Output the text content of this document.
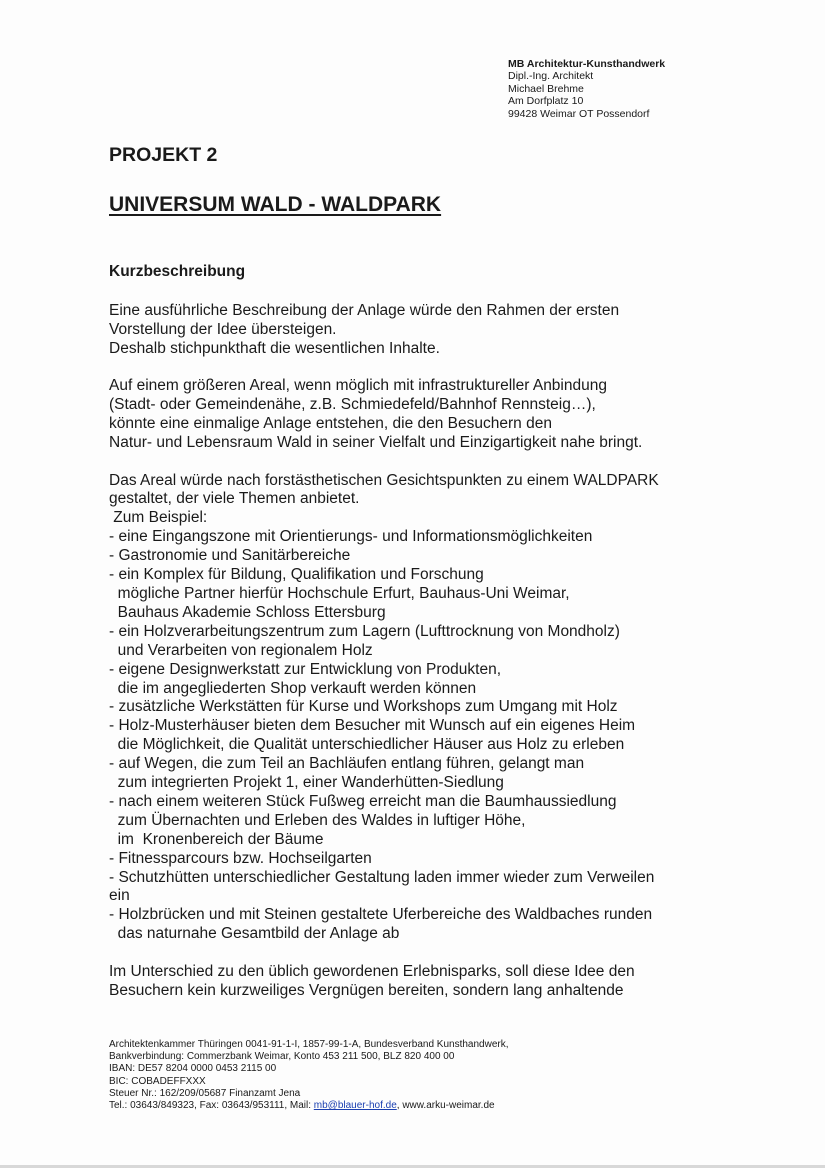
MB Architektur-Kunsthandwerk
Dipl.-Ing. Architekt
Michael Brehme
Am Dorfplatz 10
99428 Weimar OT Possendorf
PROJEKT 2
UNIVERSUM WALD - WALDPARK
Kurzbeschreibung

Eine ausführliche Beschreibung der Anlage würde den Rahmen der ersten
Vorstellung der Idee übersteigen.
Deshalb stichpunkthaft die wesentlichen Inhalte.

Auf einem größeren Areal, wenn möglich mit infrastruktureller Anbindung
(Stadt- oder Gemeindenähe, z.B. Schmiedefeld/Bahnhof Rennsteig…),
könnte eine einmalige Anlage entstehen, die den Besuchern den
Natur- und Lebensraum Wald in seiner Vielfalt und Einzigartigkeit nahe bringt.

Das Areal würde nach forstästhetischen Gesichtspunkten zu einem WALDPARK
gestaltet, der viele Themen anbietet.
Zum Beispiel:
- eine Eingangszone mit Orientierungs- und Informationsmöglichkeiten
- Gastronomie und Sanitärbereiche
- ein Komplex für Bildung, Qualifikation und Forschung
mögliche Partner hierfür Hochschule Erfurt, Bauhaus-Uni Weimar,
Bauhaus Akademie Schloss Ettersburg
- ein Holzverarbeitungszentrum zum Lagern (Lufttrocknung von Mondholz)
und Verarbeiten von regionalem Holz
- eigene Designwerkstatt zur Entwicklung von Produkten,
die im angegliederten Shop verkauft werden können
- zusätzliche Werkstätten für Kurse und Workshops zum Umgang mit Holz
- Holz-Musterhäuser bieten dem Besucher mit Wunsch auf ein eigenes Heim
die Möglichkeit, die Qualität unterschiedlicher Häuser aus Holz zu erleben
- auf Wegen, die zum Teil an Bachläufen entlang führen, gelangt man
zum integrierten Projekt 1, einer Wanderhütten-Siedlung
- nach einem weiteren Stück Fußweg erreicht man die Baumhaussiedlung
zum Übernachten und Erleben des Waldes in luftiger Höhe,
im  Kronenbereich der Bäume
- Fitnessparcours bzw. Hochseilgarten
- Schutzhütten unterschiedlicher Gestaltung laden immer wieder zum Verweilen
ein
- Holzbrücken und mit Steinen gestaltete Uferbereiche des Waldbaches runden
das naturnahe Gesamtbild der Anlage ab

Im Unterschied zu den üblich gewordenen Erlebnisparks, soll diese Idee den
Besuchern kein kurzweiliges Vergnügen bereiten, sondern lang anhaltende

Architektenkammer Thüringen 0041-91-1-I, 1857-99-1-A, Bundesverband Kunsthandwerk,
Bankverbindung: Commerzbank Weimar, Konto 453 211 500, BLZ 820 400 00
IBAN: DE57 8204 0000 0453 2115 00
BIC: COBADEFFXXX
Steuer Nr.: 162/209/05687 Finanzamt Jena
Tel.: 03643/849323, Fax: 03643/953111, Mail: mb@blauer-hof.de, www.arku-weimar.de
